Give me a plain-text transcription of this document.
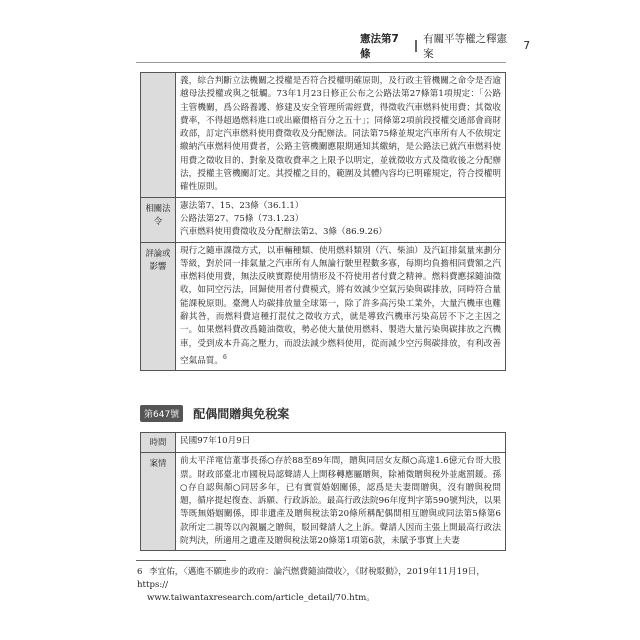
憲法第7條
有關平等權之釋憲案
7
	義，綜合判斷立法機關之授權是否符合授權明確原則，及行政主管機關之命令是否逾越母法授權或與之牴觸。73年1月23日修正公布之公路法第27條第1項規定：「公路主管機關，爲公路養護、修建及安全管理所需經費，得徵收汽車燃料使用費；其徵收費率，不得超過燃料進口或出廠價格百分之五十」；同條第2項前段授權交通部會商財政部，訂定汽車燃料使用費徵收及分配辦法。同法第75條並規定汽車所有人不依規定繳納汽車燃料使用費者，公路主管機關應限期通知其繳納，是公路法已就汽車燃料使用費之徵收目的、對象及徵收費率之上限予以明定，並就徵收方式及徵收後之分配辦法，授權主管機關訂定。其授權之目的，範圍及其體內容均已明確規定，符合授權明確性原則。
相關法令	憲法第7、15、23條（36.1.1）
公路法第27、75條（73.1.23）
汽車燃料使用費徵收及分配辦法第2、3條（86.9.26）

評論或影響	現行之隨車課徵方式，以車輛種類、使用燃料類別（汽、柴油）及汽缸排氣量來劃分等級，對於同一排氣量之汽車所有人無論行駛里程數多寡，每期均負擔相同費額之汽車燃料使用費，無法反映實際使用情形及不符使用者付費之精神。燃料費應採隨油徵收，如同空污法，回歸使用者付費模式，將有效減少空氣污染與碳排放，同時符合量能課稅原則。臺灣人均碳排放量全球第一，除了許多高污染工業外，大量汽機車也難辭其咎，而燃料費這種打混仗之徵收方式，就是導致汽機車污染高居不下之主因之一。如果燃料費改爲隨油徵收，勢必使大量使用燃料、製造大量污染與碳排放之汽機車，受到成本升高之壓力，而設法減少燃料使用，從而減少空污與碳排放，有利改善空氣品質。$^6$
第647號	配偶間贈與免稅案
時間	民國97年10月9日
案情	前太平洋電信董事長孫○存於88至89年間，贈與同居女友顏○高達1.6億元台哥大股票。財政部臺北市國稅局認聲請人上開移轉應屬贈與，除補徵贈與稅外並處罰鍰。孫○存自認與顏○同居多年，已有實質婚姻關係，認爲是夫妻間贈與，沒有贈與稅問題，循序提起復查、訴願、行政訴訟。最高行政法院96年度判字第590號判決，以果等既無婚姻關係，即非遺產及贈與稅法第20條所稱配偶間相互贈與或同法第5條第6款所定二親等以內親屬之贈與，駁回聲請人之上訴。聲請人因而主張上開最高行政法院判決，所適用之遺產及贈與稅法第20條第1項第6款，未賦予事實上夫妻
6 李宜佑，〈邁進不願進步的政府：論汽燃費隨油徵收〉，《財稅駁動》，2019年11月19日，https://
www.taiwantaxresearch.com/article_detail/70.htm。
